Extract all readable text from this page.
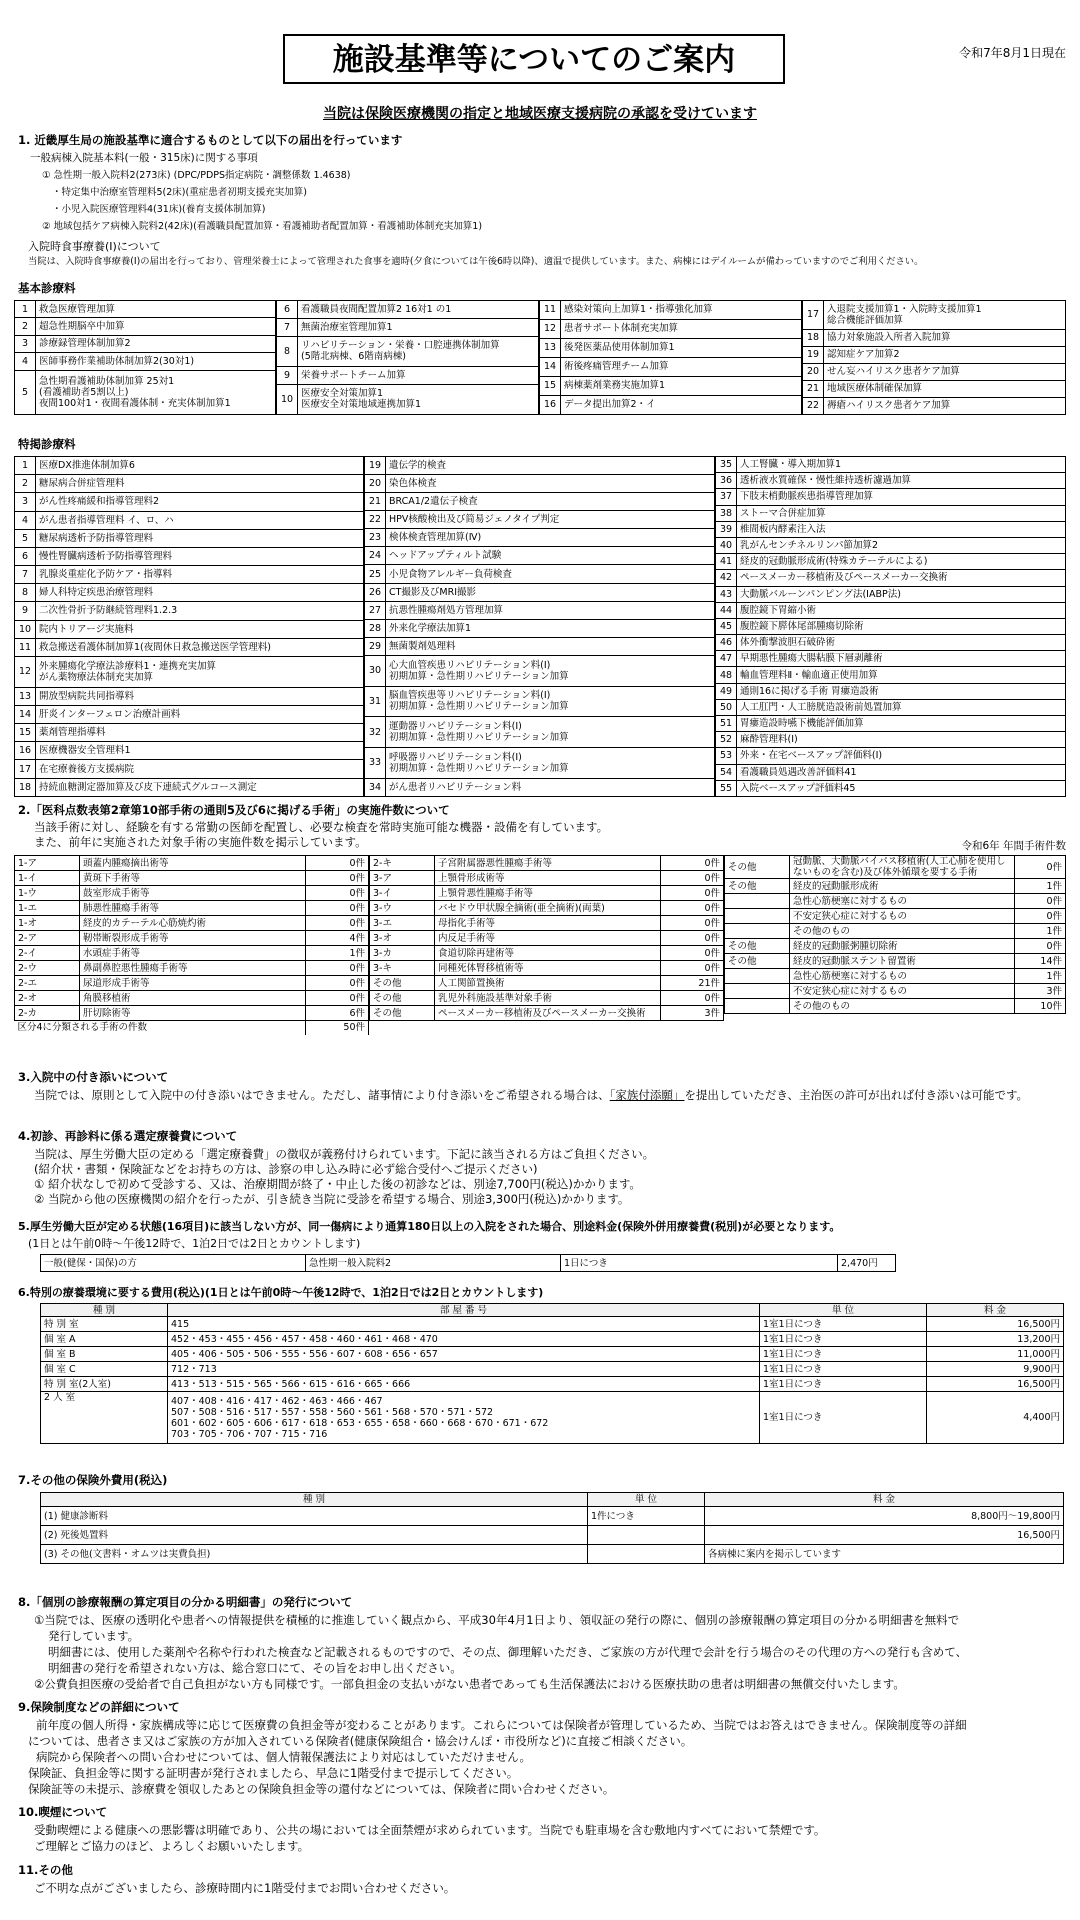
施設基準等についてのご案内	令和7年8月1日現在
当院は保険医療機関の指定と地域医療支援病院の承認を受けています
1. 近畿厚生局の施設基準に適合するものとして以下の届出を行っています
一般病棟入院基本料(一般・315床)に関する事項
① 急性期一般入院料2(273床) (DPC/PDPS指定病院・調整係数 1.4638)
・特定集中治療室管理料5(2床)(重症患者初期支援充実加算)
・小児入院医療管理料4(31床)(養育支援体制加算)
② 地域包括ケア病棟入院料2(42床)(看護職員配置加算・看護補助者配置加算・看護補助体制充実加算1)
入院時食事療養(Ⅰ)について
当院は、入院時食事療養(Ⅰ)の届出を行っており、管理栄養士によって管理された食事を適時(夕食については午後6時以降)、適温で提供しています。また、病棟にはデイルームが備わっていますのでご利用ください。
基本診療料
1	救急医療管理加算
2	超急性期脳卒中加算
3	診療録管理体制加算2
4	医師事務作業補助体制加算2(30対1)
5	急性期看護補助体制加算 25対1
(看護補助者5割以上)
夜間100対1・夜間看護体制・充実体制加算1
6	看護職員夜間配置加算2 16対1 の1
7	無菌治療室管理加算1
8	リハビリテーション・栄養・口腔連携体制加算
(5階北病棟、6階南病棟)
9	栄養サポートチーム加算
10	医療安全対策加算1
医療安全対策地域連携加算1
11	感染対策向上加算1・指導強化加算
12	患者サポート体制充実加算
13	後発医薬品使用体制加算1
14	術後疼痛管理チーム加算
15	病棟薬剤業務実施加算1
16	データ提出加算2・イ
17	入退院支援加算1・入院時支援加算1
総合機能評価加算
18	協力対象施設入所者入院加算
19	認知症ケア加算2
20	せん妄ハイリスク患者ケア加算
21	地域医療体制確保加算
22	褥瘡ハイリスク患者ケア加算
特掲診療料
1	医療DX推進体制加算6
2	糖尿病合併症管理料
3	がん性疼痛緩和指導管理料2
4	がん患者指導管理料 イ、ロ、ハ
5	糖尿病透析予防指導管理料
6	慢性腎臓病透析予防指導管理料
7	乳腺炎重症化予防ケア・指導料
8	婦人科特定疾患治療管理料
9	二次性骨折予防継続管理料1.2.3
10	院内トリアージ実施料
11	救急搬送看護体制加算1(夜間休日救急搬送医学管理料)
12	外来腫瘍化学療法診療料1・連携充実加算
がん薬物療法体制充実加算
13	開放型病院共同指導料
14	肝炎インターフェロン治療計画料
15	薬剤管理指導料
16	医療機器安全管理料1
17	在宅療養後方支援病院
18	持続血糖測定器加算及び皮下連続式グルコース測定
19	遺伝学的検査
20	染色体検査
21	BRCA1/2遺伝子検査
22	HPV核酸検出及び简易ジェノタイプ判定
23	検体検査管理加算(Ⅳ)
24	ヘッドアップティルト試験
25	小児食物アレルギー負荷検査
26	CT撮影及びMRI撮影
27	抗悪性腫瘍剤処方管理加算
28	外来化学療法加算1
29	無菌製剤処理料
30	心大血管疾患リハビリテーション料(Ⅰ)
初期加算・急性期リハビリテーション加算
31	脳血管疾患等リハビリテーション料(Ⅰ)
初期加算・急性期リハビリテーション加算
32	運動器リハビリテーション料(Ⅰ)
初期加算・急性期リハビリテーション加算
33	呼吸器リハビリテーション料(Ⅰ)
初期加算・急性期リハビリテーション加算
34	がん患者リハビリテーション料
35	人工腎臓・導入期加算1
36	透析液水質確保・慢性維持透析濾過加算
37	下肢末梢動脈疾患指導管理加算
38	ストーマ合併症加算
39	椎間板内酵素注入法
40	乳がんセンチネルリンパ節加算2
41	経皮的冠動脈形成術(特殊カテーテルによる)
42	ペースメーカー移植術及びペースメーカー交換術
43	大動脈バルーンパンピング法(IABP法)
44	腹腔鏡下胃縮小術
45	腹腔鏡下膵体尾部腫瘍切除術
46	体外衝撃波胆石破砕術
47	早期悪性腫瘍大腸粘膜下層剥離術
48	輸血管理料Ⅱ・輸血適正使用加算
49	通則16に掲げる手術 胃瘻造設術
50	人工肛門・人工膀胱造設術前処置加算
51	胃瘻造設時嚥下機能評価加算
52	麻酔管理料(Ⅰ)
53	外来・在宅ベースアップ評価料(Ⅰ)
54	看護職員処遇改善評価料41
55	入院ベースアップ評価料45
2.「医科点数表第2章第10部手術の通則5及び6に掲げる手術」の実施件数について
当該手術に対し、経験を有する常勤の医師を配置し、必要な検査を常時実施可能な機器・設備を有しています。
また、前年に実施された対象手術の実施件数を掲示しています。	令和6年 年間手術件数
1-ア	頭蓋内腫瘍摘出術等	0件
1-イ	黄斑下手術等	0件
1-ウ	鼓室形成手術等	0件
1-エ	肺悪性腫瘍手術等	0件
1-オ	経皮的カテーテル心筋焼灼術	0件
2-ア	靭帯断裂形成手術等	4件
2-イ	水頭症手術等	1件
2-ウ	鼻副鼻腔悪性腫瘍手術等	0件
2-エ	尿道形成手術等	0件
2-オ	角膜移植術	0件
2-カ	肝切除術等	6件
区分4に分類される手術の件数		50件
2-キ	子宮附属器悪性腫瘍手術等	0件
3-ア	上顎骨形成術等	0件
3-イ	上顎骨悪性腫瘍手術等	0件
3-ウ	バセドウ甲状腺全摘術(亜全摘術)(両葉)	0件
3-エ	母指化手術等	0件
3-オ	内反足手術等	0件
3-カ	食道切除再建術等	0件
3-キ	同種死体腎移植術等	0件
その他	人工関節置換術	21件
その他	乳児外科施設基準対象手術	0件
その他	ペースメーカー移植術及びペースメーカー交換術	3件
その他	冠動脈、大動脈バイパス移植術(人工心肺を使用しないものを含む)及び体外循環を要する手術	0件
その他	経皮的冠動脈形成術	1件
	急性心筋梗塞に対するもの	0件
	不安定狭心症に対するもの	0件
	その他のもの	1件
その他	経皮的冠動脈粥腫切除術	0件
その他	経皮的冠動脈ステント留置術	14件
	急性心筋梗塞に対するもの	1件
	不安定狭心症に対するもの	3件
	その他のもの	10件
3.入院中の付き添いについて
当院では、原則として入院中の付き添いはできません。ただし、諸事情により付き添いをご希望される場合は、「家族付添願」を提出していただき、主治医の許可が出れば付き添いは可能です。
4.初診、再診料に係る選定療養費について
当院は、厚生労働大臣の定める「選定療養費」の徴収が義務付けられています。下記に該当される方はご負担ください。
(紹介状・書類・保険証などをお持ちの方は、診察の申し込み時に必ず総合受付へご提示ください)
① 紹介状なしで初めて受診する、又は、治療期間が終了・中止した後の初診などは、別途7,700円(税込)かかります。
② 当院から他の医療機関の紹介を行ったが、引き続き当院に受診を希望する場合、別途3,300円(税込)かかります。
5.厚生労働大臣が定める状態(16項目)に該当しない方が、同一傷病により通算180日以上の入院をされた場合、別途料金(保険外併用療養費(税別)が必要となります。
(1日とは午前0時〜午後12時で、1泊2日では2日とカウントします)
一般(健保・国保)の方	急性期一般入院料2	1日につき	2,470円
6.特別の療養環境に要する費用(税込)(1日とは午前0時〜午後12時で、1泊2日では2日とカウントします)
種 別	部 屋 番 号	単 位	料 金
特 別 室	415	1室1日につき	16,500円
個 室 A	452・453・455・456・457・458・460・461・468・470	1室1日につき	13,200円
個 室 B	405・406・505・506・555・556・607・608・656・657	1室1日につき	11,000円
個 室 C	712・713	1室1日につき	9,900円
特 別 室(2人室)	413・513・515・565・566・615・616・665・666	1室1日につき	16,500円
2 人 室	407・408・416・417・462・463・466・467
507・508・516・517・557・558・560・561・568・570・571・572
601・602・605・606・617・618・653・655・658・660・668・670・671・672
703・705・706・707・715・716	1室1日につき	4,400円
7.その他の保険外費用(税込)
種 別	単 位	料 金
(1) 健康診断料	1件につき	8,800円〜19,800円
(2) 死後処置料		16,500円
(3) その他(文書料・オムツは実費負担)		各病棟に案内を掲示しています
8.「個別の診療報酬の算定項目の分かる明細書」の発行について
①当院では、医療の透明化や患者への情報提供を積極的に推進していく観点から、平成30年4月1日より、領収証の発行の際に、個別の診療報酬の算定項目の分かる明細書を無料で
発行しています。
明細書には、使用した薬剤や名称や行われた検査など記載されるものですので、その点、御理解いただき、ご家族の方が代理で会計を行う場合のその代理の方への発行も含めて、
明細書の発行を希望されない方は、総合窓口にて、その旨をお申し出ください。
②公費負担医療の受給者で自己負担がない方も同様です。一部負担金の支払いがない患者であっても生活保護法における医療扶助の患者は明細書の無償交付いたします。
9.保険制度などの詳細について
前年度の個人所得・家族構成等に応じて医療費の負担金等が変わることがあります。これらについては保険者が管理しているため、当院ではお答えはできません。保険制度等の詳細
については、患者さま又はご家族の方が加入されている保険者(健康保険組合・協会けんぽ・市役所など)に直接ご相談ください。
病院から保険者への問い合わせについては、個人情報保護法により対応はしていただけません。
保険証、負担金等に関する証明書が発行されましたら、早急に1階受付まで提示してください。
保険証等の未提示、診療費を領収したあとの保険負担金等の還付などについては、保険者に問い合わせください。
10.喫煙について
受動喫煙による健康への悪影響は明確であり、公共の場においては全面禁煙が求められています。当院でも駐車場を含む敷地内すべてにおいて禁煙です。
ご理解とご協力のほど、よろしくお願いいたします。
11.その他
ご不明な点がございましたら、診療時間内に1階受付までお問い合わせください。
